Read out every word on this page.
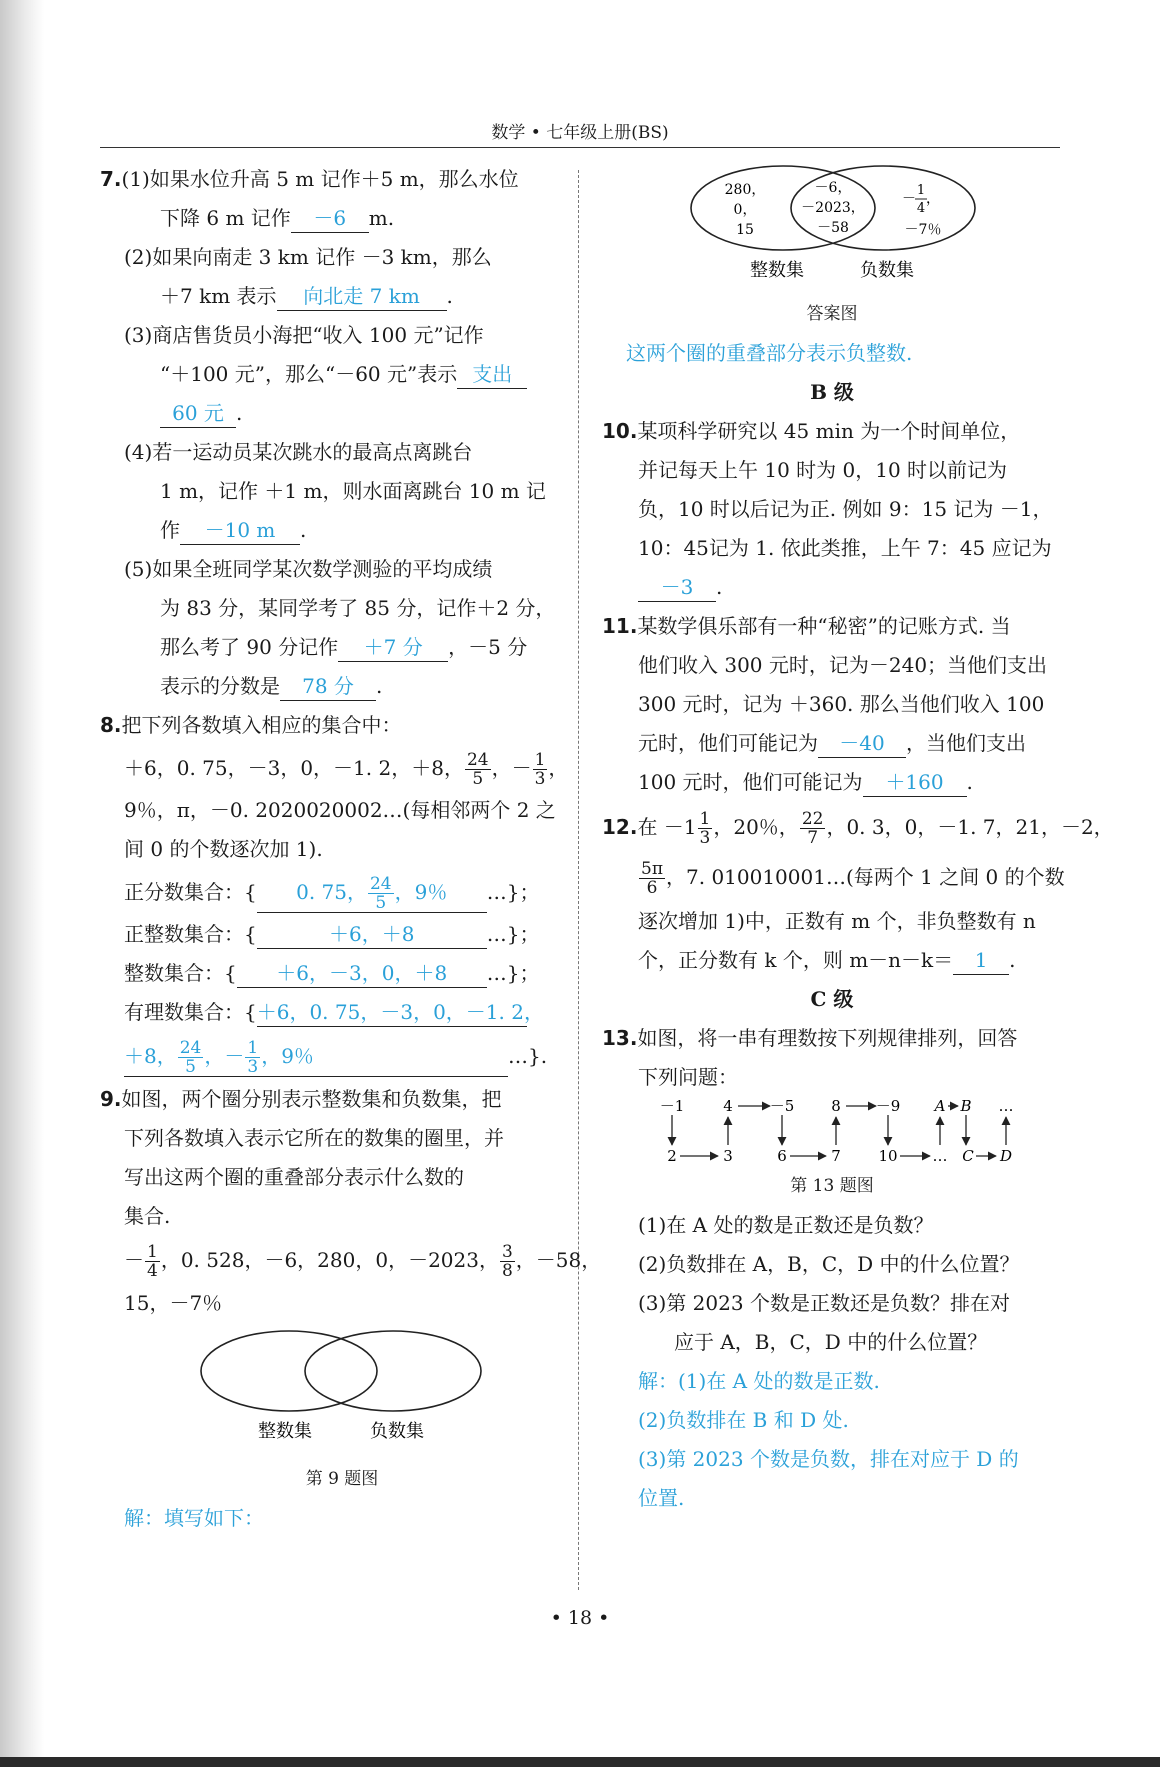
数学 • 七年级上册(BS)
7.(1)如果水位升高 5 m 记作＋5 m，那么水位
下降 6 m 记作 －6 m.
(2)如果向南走 3 km 记作 －3 km，那么
＋7 km 表示 向北走 7 km .
(3)商店售货员小海把“收入 100 元”记作
“＋100 元”，那么“－60 元”表示 支出
60 元 .
(4)若一运动员某次跳水的最高点离跳台
1 m，记作 ＋1 m，则水面离跳台 10 m 记
作 －10 m .
(5)如果全班同学某次数学测验的平均成绩
为 83 分，某同学考了 85 分，记作＋2 分，
那么考了 90 分记作 ＋7 分 ，－5 分
表示的分数是 78 分 .
8.把下列各数填入相应的集合中：
＋6，0. 75，－3，0，－1. 2，＋8， $\frac{24}{5}$ ，－ $\frac{1}{3}$ ，
9％，π，－0. 2020020002…(每相邻两个 2 之
间 0 的个数逐次加 1).
正分数集合：{ 0. 75， $\frac{24}{5}$ ，9％ …}；
正整数集合：{	＋6，＋8	…}；
整数集合：{ ＋6，－3，0，＋8 …}；
有理数集合：{＋6，0. 75，－3，0，－1. 2，
＋8， $\frac{24}{5}$ ，－ $\frac{1}{3}$ ，9％	…}.
9.如图，两个圈分别表示整数集和负数集，把
下列各数填入表示它所在的数集的圈里，并
写出这两个圈的重叠部分表示什么数的
集合.
－ $\frac{1}{4}$ ，0. 528，－6，280，0，－2023， $\frac{3}{8}$ ，－58，
15，－7％
整数集	负数集
第 9 题图
解：填写如下：
280，
0，
15
－6，
－2023，
－58
－
1
4
，
－7％
整数集	负数集
答案图
这两个圈的重叠部分表示负整数.
B 级
10.某项科学研究以 45 min 为一个时间单位，
并记每天上午 10 时为 0，10 时以前记为
负，10 时以后记为正. 例如 9：15 记为 －1，
10：45记为 1. 依此类推，上午 7：45 应记为
－3 .
11.某数学俱乐部有一种“秘密”的记账方式. 当
他们收入 300 元时，记为－240；当他们支出
300 元时，记为 ＋360. 那么当他们收入 100
元时，他们可能记为 －40 ，当他们支出
100 元时，他们可能记为 ＋160 .
12.在 $-1 \frac{1}{3}$ ，20％， $\frac{22}{7}$ ，0. 3，0，－1. 7，21，－2，
$\frac{5\pi}{6}$ ，7. 010010001…(每两个 1 之间 0 的个数
逐次增加 1)中，正数有 m 个，非负整数有 n
个，正分数有 k 个，则 m－n－k＝ 1 .
C 级
13.如图，将一串有理数按下列规律排列，回答
下列问题：
－1	4 －5 8 －9 A B …
2	3	6	7	10 … C D
第 13 题图
(1)在 A 处的数是正数还是负数？
(2)负数排在 A，B，C，D 中的什么位置？
(3)第 2023 个数是正数还是负数？排在对
应于 A，B，C，D 中的什么位置？
解：(1)在 A 处的数是正数.
(2)负数排在 B 和 D 处.
(3)第 2023 个数是负数，排在对应于 D 的
位置.
• 18 •
